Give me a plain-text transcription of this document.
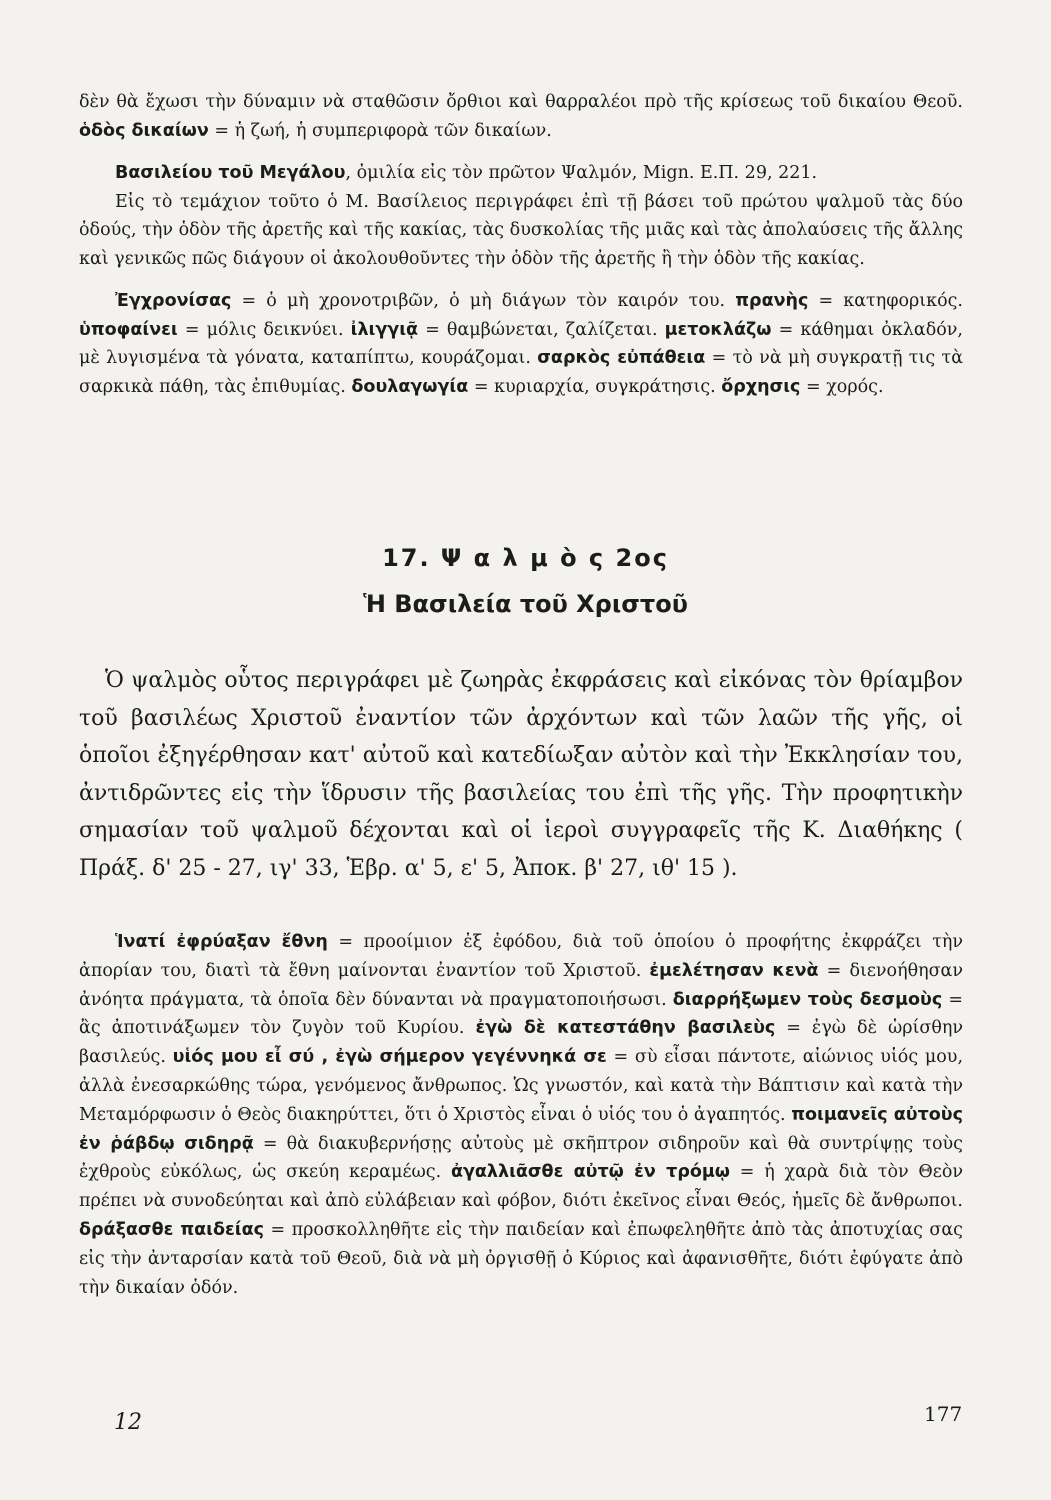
δὲν θὰ ἔχωσι τὴν δύναμιν νὰ σταθῶσιν ὄρθιοι καὶ θαρραλέοι πρὸ τῆς κρίσεως τοῦ δικαίου Θεοῦ. ὁδὸς δικαίων = ἡ ζωή, ἡ συμπεριφορὰ τῶν δικαίων.

Βασιλείου τοῦ Μεγάλου, ὁμιλία εἰς τὸν πρῶτον Ψαλμόν, Mign. Ε.Π. 29, 221.

Εἰς τὸ τεμάχιον τοῦτο ὁ Μ. Βασίλειος περιγράφει ἐπὶ τῇ βάσει τοῦ πρώτου ψαλμοῦ τὰς δύο ὁδούς, τὴν ὁδὸν τῆς ἀρετῆς καὶ τῆς κακίας, τὰς δυσκολίας τῆς μιᾶς καὶ τὰς ἀπολαύσεις τῆς ἄλλης καὶ γενικῶς πῶς διάγουν οἱ ἀκολουθοῦντες τὴν ὁδὸν τῆς ἀρετῆς ἢ τὴν ὁδὸν τῆς κακίας.

Ἐγχρονίσας = ὁ μὴ χρονοτριβῶν, ὁ μὴ διάγων τὸν καιρόν του. πρανὴς = κατηφορικός. ὑποφαίνει = μόλις δεικνύει. ἰλιγγιᾷ = θαμβώνεται, ζαλίζεται. μετοκλάζω = κάθημαι ὀκλαδόν, μὲ λυγισμένα τὰ γόνατα, καταπίπτω, κουράζομαι. σαρκὸς εὐπάθεια = τὸ νὰ μὴ συγκρατῇ τις τὰ σαρκικὰ πάθη, τὰς ἐπιθυμίας. δουλαγωγία = κυριαρχία, συγκράτησις. ὄρχησις = χορός.

17. Ψ α λ μ ὸ ς 2ος
Ἡ Βασιλεία τοῦ Χριστοῦ

Ὁ ψαλμὸς οὗτος περιγράφει μὲ ζωηρὰς ἐκφράσεις καὶ εἰκόνας τὸν θρίαμβον τοῦ βασιλέως Χριστοῦ ἐναντίον τῶν ἀρχόντων καὶ τῶν λαῶν τῆς γῆς, οἱ ὁποῖοι ἐξηγέρθησαν κατ' αὐτοῦ καὶ κατεδίωξαν αὐτὸν καὶ τὴν Ἐκκλησίαν του, ἀντιδρῶντες εἰς τὴν ἵδρυσιν τῆς βασιλείας του ἐπὶ τῆς γῆς. Τὴν προφητικὴν σημασίαν τοῦ ψαλμοῦ δέχονται καὶ οἱ ἱεροὶ συγγραφεῖς τῆς Κ. Διαθήκης ( Πράξ. δ' 25 - 27, ιγ' 33, Ἑβρ. α' 5, ε' 5, Ἀποκ. β' 27, ιθ' 15 ).

Ἱνατί ἐφρύαξαν ἔθνη = προοίμιον ἐξ ἐφόδου, διὰ τοῦ ὁποίου ὁ προφήτης ἐκφράζει τὴν ἀπορίαν του, διατὶ τὰ ἔθνη μαίνονται ἐναντίον τοῦ Χριστοῦ. ἐμελέτησαν κενὰ = διενοήθησαν ἀνόητα πράγματα, τὰ ὁποῖα δὲν δύνανται νὰ πραγματοποιήσωσι. διαρρήξωμεν τοὺς δεσμοὺς = ἂς ἀποτινάξωμεν τὸν ζυγὸν τοῦ Κυρίου. ἐγὼ δὲ κατεστάθην βασιλεὺς = ἐγὼ δὲ ὡρίσθην βασιλεύς. υἱός μου εἶ σύ , ἐγὼ σήμερον γεγέννηκά σε = σὺ εἶσαι πάντοτε, αἰώνιος υἱός μου, ἀλλὰ ἐνεσαρκώθης τώρα, γενόμενος ἄνθρωπος. Ὡς γνωστόν, καὶ κατὰ τὴν Βάπτισιν καὶ κατὰ τὴν Μεταμόρφωσιν ὁ Θεὸς διακηρύττει, ὅτι ὁ Χριστὸς εἶναι ὁ υἱός του ὁ ἀγαπητός. ποιμανεῖς αὐτοὺς ἐν ῥάβδῳ σιδηρᾷ = θὰ διακυβερνήσῃς αὐτοὺς μὲ σκῆπτρον σιδηροῦν καὶ θὰ συντρίψῃς τοὺς ἐχθροὺς εὐκόλως, ὡς σκεύη κεραμέως. ἀγαλλιᾶσθε αὐτῷ ἐν τρόμῳ = ἡ χαρὰ διὰ τὸν Θεὸν πρέπει νὰ συνοδεύηται καὶ ἀπὸ εὐλάβειαν καὶ φόβον, διότι ἐκεῖνος εἶναι Θεός, ἡμεῖς δὲ ἄνθρωποι. δράξασθε παιδείας = προσκολληθῆτε εἰς τὴν παιδείαν καὶ ἐπωφεληθῆτε ἀπὸ τὰς ἀποτυχίας σας εἰς τὴν ἀνταρσίαν κατὰ τοῦ Θεοῦ, διὰ νὰ μὴ ὀργισθῇ ὁ Κύριος καὶ ἀφανισθῆτε, διότι ἐφύγατε ἀπὸ τὴν δικαίαν ὁδόν.

12	177
